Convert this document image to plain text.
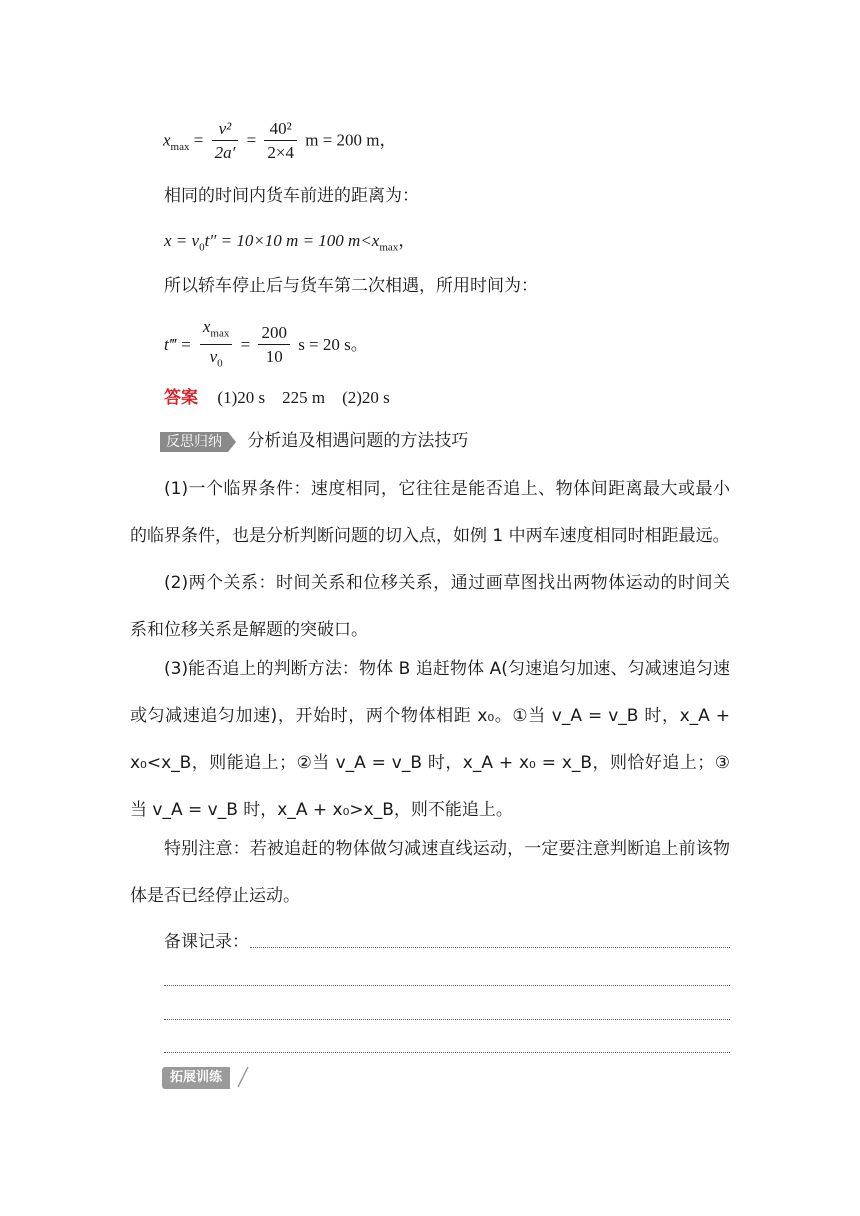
$x_{max} = \frac{\text{v²}}{2a'} = \frac{\text{40²}}{2\times 4}$ m = 200 m，
相同的时间内货车前进的距离为：
$x = v_0t'' = 10\times 10$ m = 100 $m<x_{max}$，
所以轿车停止后与货车第二次相遇，所用时间为：
t‴ = $\frac{x_{max}}{v_0} = \frac{200}{10}$ s = 20 s。
答案 (1)20 s    225 m    (2)20 s
反思归纳 分析追及相遇问题的方法技巧
(1)一个临界条件：速度相同，它往往是能否追上、物体间距离最大或最小的临界条件，也是分析判断问题的切入点，如例 1 中两车速度相同时相距最远。
(2)两个关系：时间关系和位移关系，通过画草图找出两物体运动的时间关系和位移关系是解题的突破口。
(3)能否追上的判断方法：物体 B 追赶物体 A(匀速追匀加速、匀减速追匀速或匀减速追匀加速)，开始时，两个物体相距 x₀。①当 v_A = v_B 时，x_A + x₀<x_B，则能追上；②当 v_A = v_B 时，x_A + x₀ = x_B，则恰好追上；③当 v_A = v_B 时，x_A + x₀>x_B，则不能追上。
特别注意：若被追赶的物体做匀减速直线运动，一定要注意判断追上前该物体是否已经停止运动。
备课记录：
拓展训练
